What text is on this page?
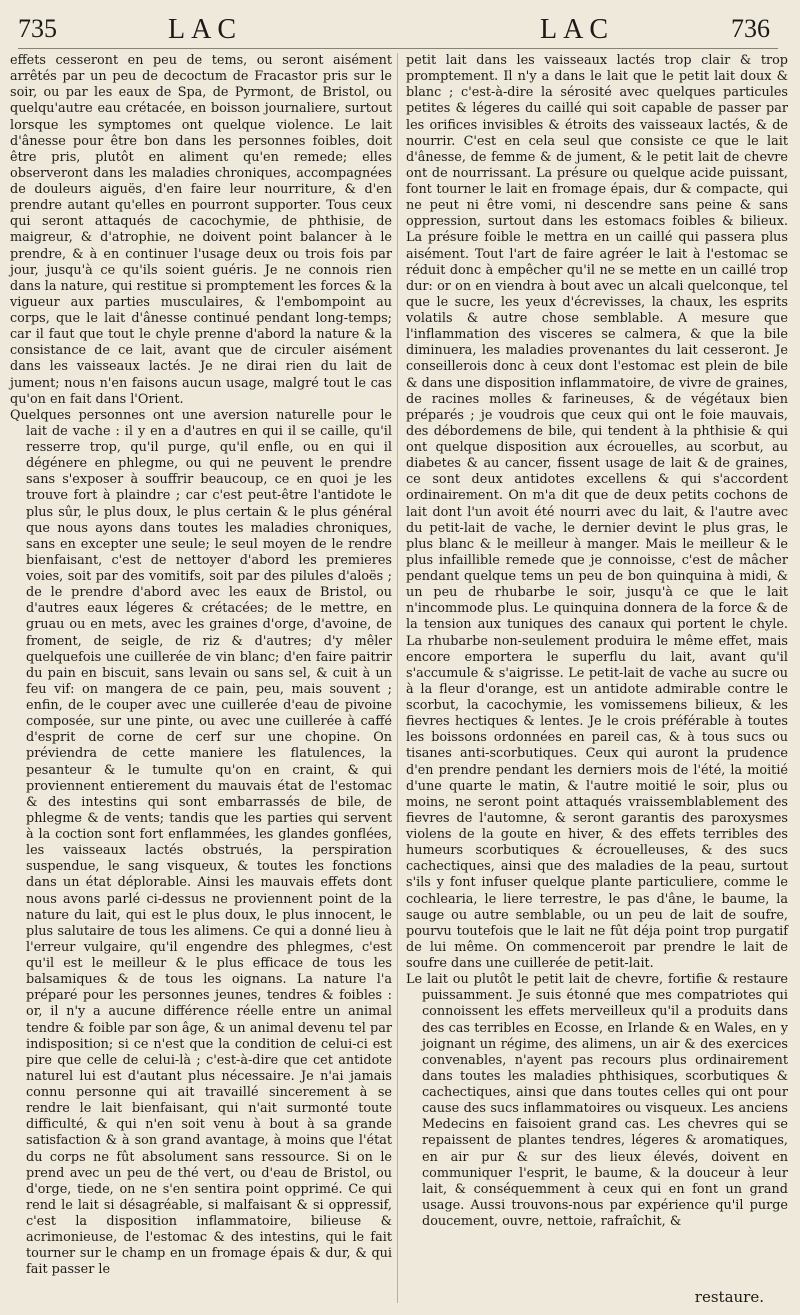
735	LAC	LAC	736

effets cesseront en peu de tems, ou seront aisément arrêtés par un peu de decoctum de Fracastor pris sur le soir, ou par les eaux de Spa, de Pyrmont, de Bristol, ou quelqu'autre eau crétacée, en boisson journaliere, surtout lorsque les symptomes ont quelque violence. Le lait d'ânesse pour être bon dans les personnes foibles, doit être pris, plutôt en aliment qu'en remede; elles observeront dans les maladies chroniques, accompagnées de douleurs aiguës, d'en faire leur nourriture, & d'en prendre autant qu'elles en pourront supporter. Tous ceux qui seront attaqués de cacochymie, de phthisie, de maigreur, & d'atrophie, ne doivent point balancer à le prendre, & à en continuer l'usage deux ou trois fois par jour, jusqu'à ce qu'ils soient guéris. Je ne connois rien dans la nature, qui restitue si promptement les forces & la vigueur aux parties musculaires, & l'embompoint au corps, que le lait d'ânesse continué pendant long-temps; car il faut que tout le chyle prenne d'abord la nature & la consistance de ce lait, avant que de circuler aisément dans les vaisseaux lactés. Je ne dirai rien du lait de jument; nous n'en faisons aucun usage, malgré tout le cas qu'on en fait dans l'Orient.

Quelques personnes ont une aversion naturelle pour le lait de vache : il y en a d'autres en qui il se caille, qu'il resserre trop, qu'il purge, qu'il enfle, ou en qui il dégénere en phlegme, ou qui ne peuvent le prendre sans s'exposer à souffrir beaucoup, ce en quoi je les trouve fort à plaindre ; car c'est peut-être l'antidote le plus sûr, le plus doux, le plus certain & le plus général que nous ayons dans toutes les maladies chroniques, sans en excepter une seule; le seul moyen de le rendre bienfaisant, c'est de nettoyer d'abord les premieres voies, soit par des vomitifs, soit par des pilules d'aloës ; de le prendre d'abord avec les eaux de Bristol, ou d'autres eaux légeres & crétacées; de le mettre, en gruau ou en mets, avec les graines d'orge, d'avoine, de froment, de seigle, de riz & d'autres; d'y mêler quelquefois une cuillerée de vin blanc; d'en faire paitrir du pain en biscuit, sans levain ou sans sel, & cuit à un feu vif: on mangera de ce pain, peu, mais souvent ; enfin, de le couper avec une cuillerée d'eau de pivoine composée, sur une pinte, ou avec une cuillerée à caffé d'esprit de corne de cerf sur une chopine. On préviendra de cette maniere les flatulences, la pesanteur & le tumulte qu'on en craint, & qui proviennent entierement du mauvais état de l'estomac & des intestins qui sont embarrassés de bile, de phlegme & de vents; tandis que les parties qui servent à la coction sont fort enflammées, les glandes gonflées, les vaisseaux lactés obstrués, la perspiration suspendue, le sang visqueux, & toutes les fonctions dans un état déplorable. Ainsi les mauvais effets dont nous avons parlé ci-dessus ne proviennent point de la nature du lait, qui est le plus doux, le plus innocent, le plus salutaire de tous les alimens. Ce qui a donné lieu à l'erreur vulgaire, qu'il engendre des phlegmes, c'est qu'il est le meilleur & le plus efficace de tous les balsamiques & de tous les oignans. La nature l'a préparé pour les personnes jeunes, tendres & foibles : or, il n'y a aucune différence réelle entre un animal tendre & foible par son âge, & un animal devenu tel par indisposition; si ce n'est que la condition de celui-ci est pire que celle de celui-là ; c'est-à-dire que cet antidote naturel lui est d'autant plus nécessaire. Je n'ai jamais connu personne qui ait travaillé sincerement à se rendre le lait bienfaisant, qui n'ait surmonté toute difficulté, & qui n'en soit venu à bout à sa grande satisfaction & à son grand avantage, à moins que l'état du corps ne fût absolument sans ressource. Si on le prend avec un peu de thé vert, ou d'eau de Bristol, ou d'orge, tiede, on ne s'en sentira point opprimé. Ce qui rend le lait si désagréable, si malfaisant & si oppressif, c'est la disposition inflammatoire, bilieuse & acrimonieuse, de l'estomac & des intestins, qui le fait tourner sur le champ en un fromage épais & dur, & qui fait passer le

petit lait dans les vaisseaux lactés trop clair & trop promptement. Il n'y a dans le lait que le petit lait doux & blanc ; c'est-à-dire la sérosité avec quelques particules petites & légeres du caillé qui soit capable de passer par les orifices invisibles & étroits des vaisseaux lactés, & de nourrir. C'est en cela seul que consiste ce que le lait d'ânesse, de femme & de jument, & le petit lait de chevre ont de nourrissant. La présure ou quelque acide puissant, font tourner le lait en fromage épais, dur & compacte, qui ne peut ni être vomi, ni descendre sans peine & sans oppression, surtout dans les estomacs foibles & bilieux. La présure foible le mettra en un caillé qui passera plus aisément. Tout l'art de faire agréer le lait à l'estomac se réduit donc à empêcher qu'il ne se mette en un caillé trop dur: or on en viendra à bout avec un alcali quelconque, tel que le sucre, les yeux d'écrevisses, la chaux, les esprits volatils & autre chose semblable. A mesure que l'inflammation des visceres se calmera, & que la bile diminuera, les maladies provenantes du lait cesseront. Je conseillerois donc à ceux dont l'estomac est plein de bile & dans une disposition inflammatoire, de vivre de graines, de racines molles & farineuses, & de végétaux bien préparés ; je voudrois que ceux qui ont le foie mauvais, des débordemens de bile, qui tendent à la phthisie & qui ont quelque disposition aux écrouelles, au scorbut, au diabetes & au cancer, fissent usage de lait & de graines, ce sont deux antidotes excellens & qui s'accordent ordinairement. On m'a dit que de deux petits cochons de lait dont l'un avoit été nourri avec du lait, & l'autre avec du petit-lait de vache, le dernier devint le plus gras, le plus blanc & le meilleur à manger. Mais le meilleur & le plus infaillible remede que je connoisse, c'est de mâcher pendant quelque tems un peu de bon quinquina à midi, & un peu de rhubarbe le soir, jusqu'à ce que le lait n'incommode plus. Le quinquina donnera de la force & de la tension aux tuniques des canaux qui portent le chyle. La rhubarbe non-seulement produira le même effet, mais encore emportera le superflu du lait, avant qu'il s'accumule & s'aigrisse. Le petit-lait de vache au sucre ou à la fleur d'orange, est un antidote admirable contre le scorbut, la cacochymie, les vomissemens bilieux, & les fievres hectiques & lentes. Je le crois préférable à toutes les boissons ordonnées en pareil cas, & à tous sucs ou tisanes anti-scorbutiques. Ceux qui auront la prudence d'en prendre pendant les derniers mois de l'été, la moitié d'une quarte le matin, & l'autre moitié le soir, plus ou moins, ne seront point attaqués vraissemblablement des fievres de l'automne, & seront garantis des paroxysmes violens de la goute en hiver, & des effets terribles des humeurs scorbutiques & écrouelleuses, & des sucs cachectiques, ainsi que des maladies de la peau, surtout s'ils y font infuser quelque plante particuliere, comme le cochlearia, le liere terrestre, le pas d'âne, le baume, la sauge ou autre semblable, ou un peu de lait de soufre, pourvu toutefois que le lait ne fût déja point trop purgatif de lui même. On commenceroit par prendre le lait de soufre dans une cuillerée de petit-lait.

Le lait ou plutôt le petit lait de chevre, fortifie & restaure puissamment. Je suis étonné que mes compatriotes qui connoissent les effets merveilleux qu'il a produits dans des cas terribles en Ecosse, en Irlande & en Wales, en y joignant un régime, des alimens, un air & des exercices convenables, n'ayent pas recours plus ordinairement dans toutes les maladies phthisiques, scorbutiques & cachectiques, ainsi que dans toutes celles qui ont pour cause des sucs inflammatoires ou visqueux. Les anciens Medecins en faisoient grand cas. Les chevres qui se repaissent de plantes tendres, légeres & aromatiques, en air pur & sur des lieux élevés, doivent en communiquer l'esprit, le baume, & la douceur à leur lait, & conséquemment à ceux qui en font un grand usage. Aussi trouvons-nous par expérience qu'il purge doucement, ouvre, nettoie, rafraîchit, &

restaure.
